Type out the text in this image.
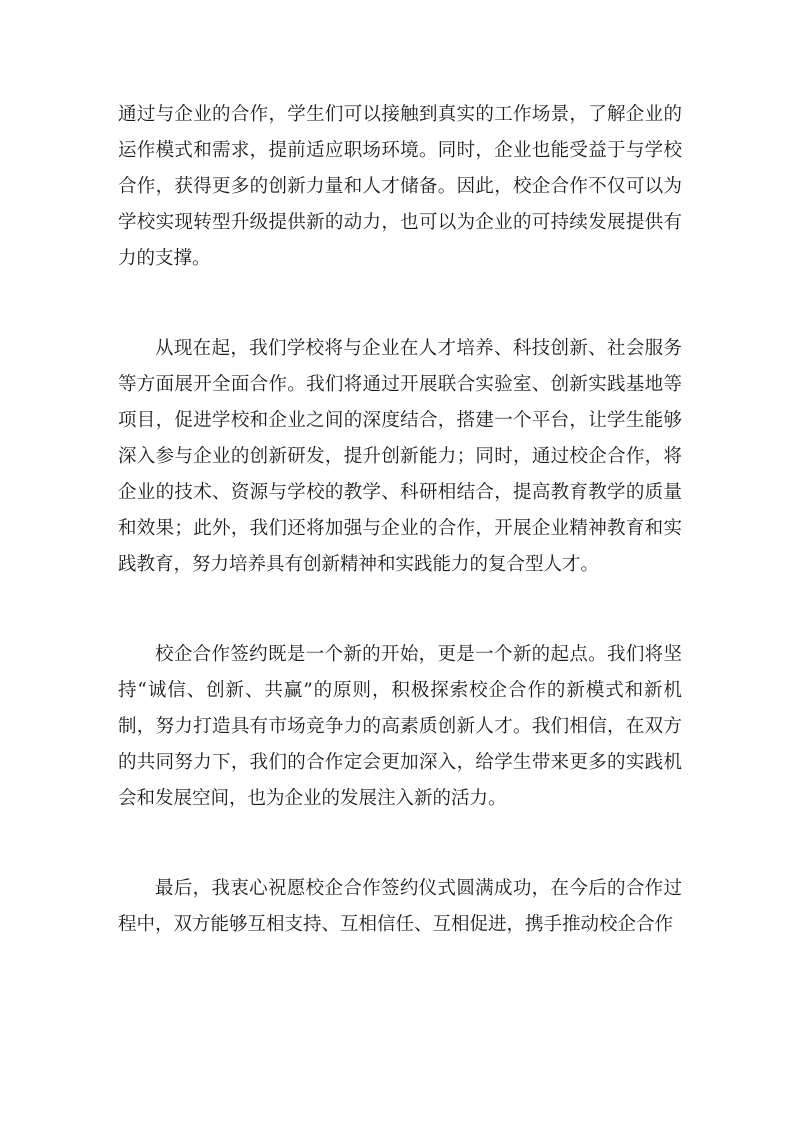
通过与企业的合作，学生们可以接触到真实的工作场景，了解企业的运作模式和需求，提前适应职场环境。同时，企业也能受益于与学校合作，获得更多的创新力量和人才储备。因此，校企合作不仅可以为学校实现转型升级提供新的动力，也可以为企业的可持续发展提供有力的支撑。

从现在起，我们学校将与企业在人才培养、科技创新、社会服务等方面展开全面合作。我们将通过开展联合实验室、创新实践基地等项目，促进学校和企业之间的深度结合，搭建一个平台，让学生能够深入参与企业的创新研发，提升创新能力；同时，通过校企合作，将企业的技术、资源与学校的教学、科研相结合，提高教育教学的质量和效果；此外，我们还将加强与企业的合作，开展企业精神教育和实践教育，努力培养具有创新精神和实践能力的复合型人才。

校企合作签约既是一个新的开始，更是一个新的起点。我们将坚持“诚信、创新、共赢”的原则，积极探索校企合作的新模式和新机制，努力打造具有市场竞争力的高素质创新人才。我们相信，在双方的共同努力下，我们的合作定会更加深入，给学生带来更多的实践机会和发展空间，也为企业的发展注入新的活力。

最后，我衷心祝愿校企合作签约仪式圆满成功，在今后的合作过程中，双方能够互相支持、互相信任、互相促进，携手推动校企合作
